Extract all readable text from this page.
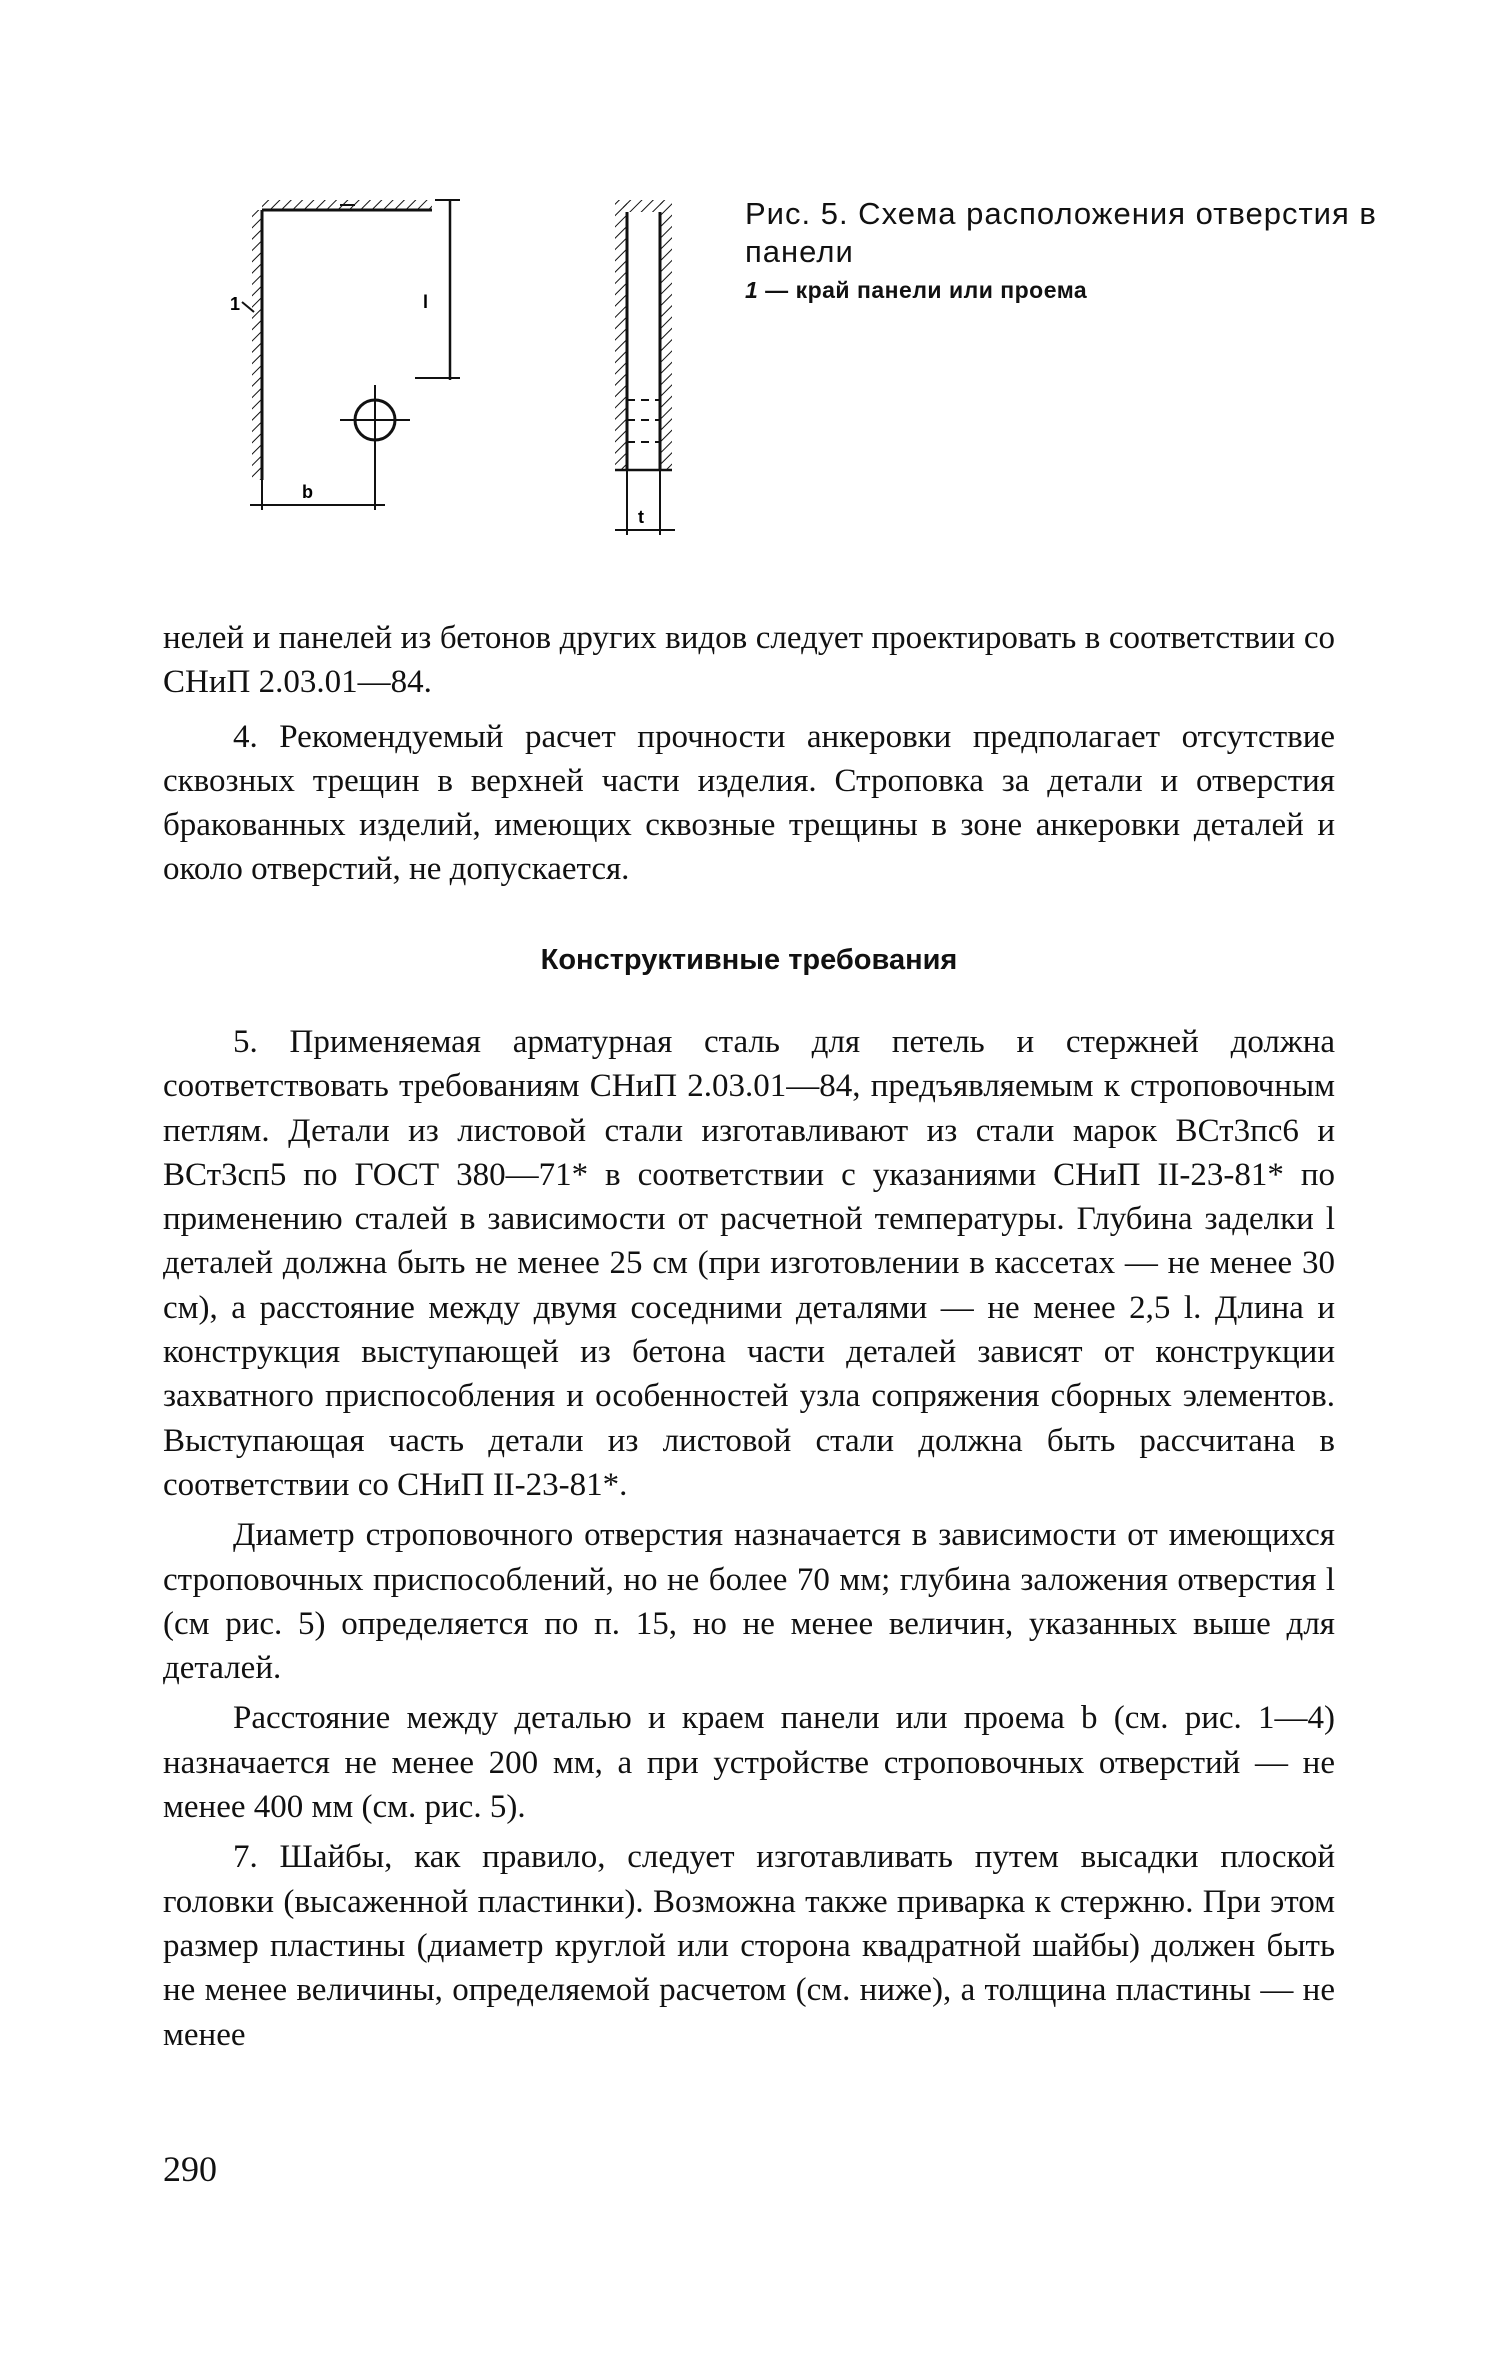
l
1
b
t
Рис. 5. Схема расположения отверстия в панели
1 — край панели или проема

нелей и панелей из бетонов других видов следует проектировать в соответствии со СНиП 2.03.01—84.

4. Рекомендуемый расчет прочности анкеровки предполагает отсутствие сквозных трещин в верхней части изделия. Строповка за детали и отверстия бракованных изделий, имеющих сквозные трещины в зоне анкеровки деталей и около отверстий, не допускается.

Конструктивные требования

5. Применяемая арматурная сталь для петель и стержней должна соответствовать требованиям СНиП 2.03.01—84, предъявляемым к строповочным петлям. Детали из листовой стали изготавливают из стали марок ВСт3пс6 и ВСт3сп5 по ГОСТ 380—71* в соответствии с указаниями СНиП II-23-81* по применению сталей в зависимости от расчетной температуры. Глубина заделки l деталей должна быть не менее 25 см (при изготовлении в кассетах — не менее 30 см), а расстояние между двумя соседними деталями — не менее 2,5 l. Длина и конструкция выступающей из бетона части деталей зависят от конструкции захватного приспособления и особенностей узла сопряжения сборных элементов. Выступающая часть детали из листовой стали должна быть рассчитана в соответствии со СНиП II-23-81*.

Диаметр строповочного отверстия назначается в зависимости от имеющихся строповочных приспособлений, но не более 70 мм; глубина заложения отверстия l (см рис. 5) определяется по п. 15, но не менее величин, указанных выше для деталей.

Расстояние между деталью и краем панели или проема b (см. рис. 1—4) назначается не менее 200 мм, а при устройстве строповочных отверстий — не менее 400 мм (см. рис. 5).

7. Шайбы, как правило, следует изготавливать путем высадки плоской головки (высаженной пластинки). Возможна также приварка к стержню. При этом размер пластины (диаметр круглой или сторона квадратной шайбы) должен быть не менее величины, определяемой расчетом (см. ниже), а толщина пластины — не менее

290
